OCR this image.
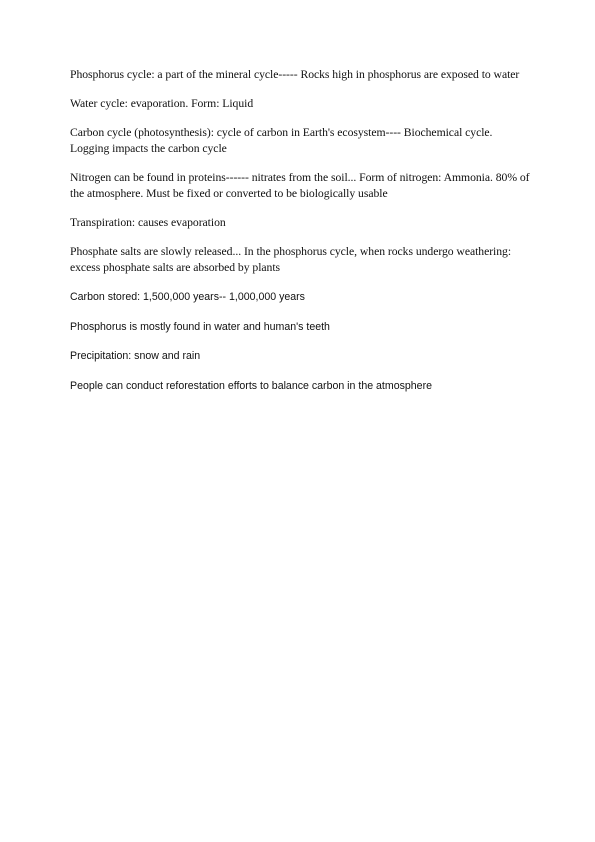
Phosphorus cycle: a part of the mineral cycle----- Rocks high in phosphorus are exposed to water

Water cycle: evaporation. Form: Liquid

Carbon cycle (photosynthesis): cycle of carbon in Earth's ecosystem---- Biochemical cycle. Logging impacts the carbon cycle

Nitrogen can be found in proteins------ nitrates from the soil... Form of nitrogen: Ammonia. 80% of the atmosphere. Must be fixed or converted to be biologically usable

Transpiration: causes evaporation

Phosphate salts are slowly released... In the phosphorus cycle, when rocks undergo weathering: excess phosphate salts are absorbed by plants

Carbon stored: 1,500,000 years-- 1,000,000 years

Phosphorus is mostly found in water and human's teeth

Precipitation: snow and rain

People can conduct reforestation efforts to balance carbon in the atmosphere
